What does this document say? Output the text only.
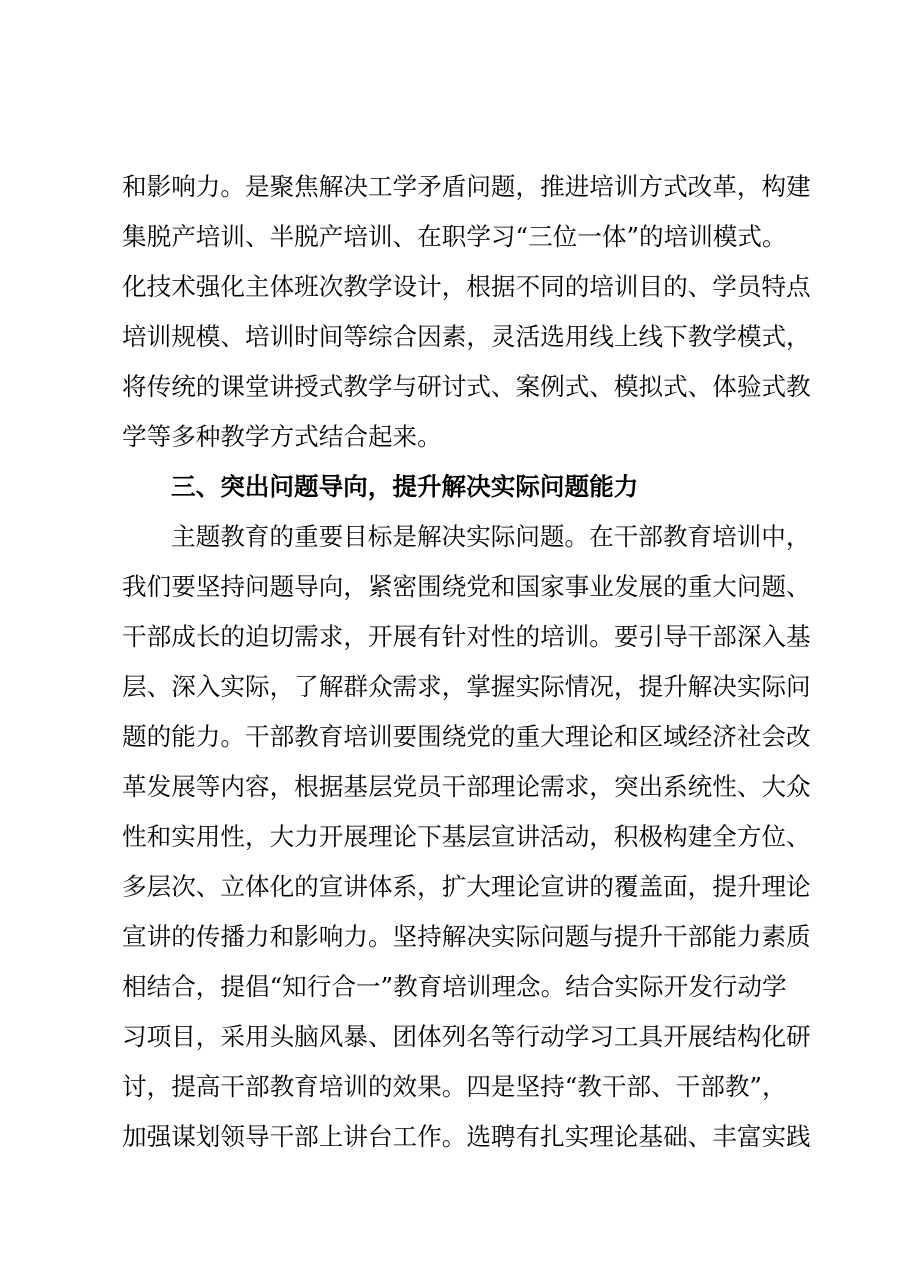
和影响力。是聚焦解决工学矛盾问题，推进培训方式改革，构建
集脱产培训、半脱产培训、在职学习“三位一体”的培训模式。
化技术强化主体班次教学设计，根据不同的培训目的、学员特点
培训规模、培训时间等综合因素，灵活选用线上线下教学模式，
将传统的课堂讲授式教学与研讨式、案例式、模拟式、体验式教
学等多种教学方式结合起来。
三、突出问题导向，提升解决实际问题能力
主题教育的重要目标是解决实际问题。在干部教育培训中，
我们要坚持问题导向，紧密围绕党和国家事业发展的重大问题、
干部成长的迫切需求，开展有针对性的培训。要引导干部深入基
层、深入实际，了解群众需求，掌握实际情况，提升解决实际问
题的能力。干部教育培训要围绕党的重大理论和区域经济社会改
革发展等内容，根据基层党员干部理论需求，突出系统性、大众
性和实用性，大力开展理论下基层宣讲活动，积极构建全方位、
多层次、立体化的宣讲体系，扩大理论宣讲的覆盖面，提升理论
宣讲的传播力和影响力。坚持解决实际问题与提升干部能力素质
相结合，提倡“知行合一”教育培训理念。结合实际开发行动学
习项目，采用头脑风暴、团体列名等行动学习工具开展结构化研
讨，提高干部教育培训的效果。四是坚持“教干部、干部教”，
加强谋划领导干部上讲台工作。选聘有扎实理论基础、丰富实践
